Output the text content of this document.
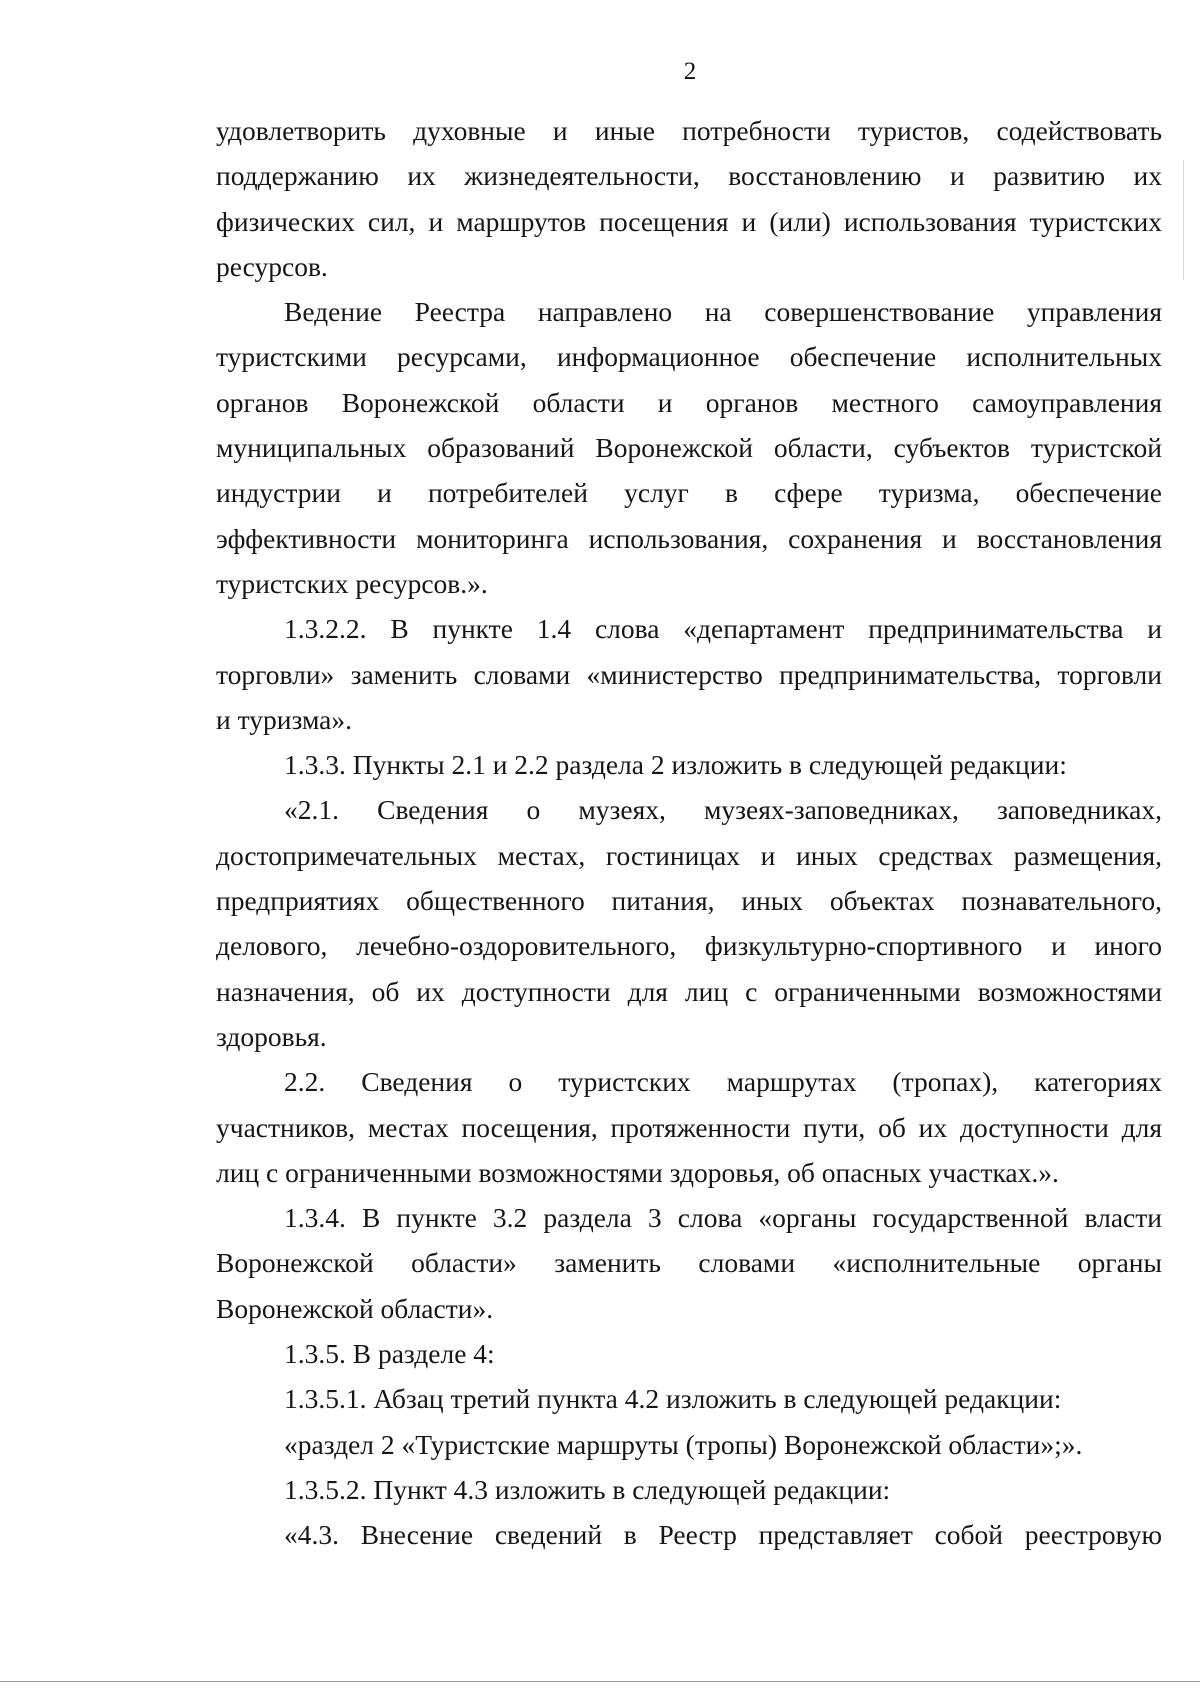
2
удовлетворить духовные и иные потребности туристов, содействовать
поддержанию их жизнедеятельности, восстановлению и развитию их
физических сил, и маршрутов посещения и (или) использования туристских
ресурсов.
Ведение Реестра направлено на совершенствование управления
туристскими ресурсами, информационное обеспечение исполнительных
органов Воронежской области и органов местного самоуправления
муниципальных образований Воронежской области, субъектов туристской
индустрии и потребителей услуг в сфере туризма, обеспечение
эффективности мониторинга использования, сохранения и восстановления
туристских ресурсов.».
1.3.2.2. В пункте 1.4 слова «департамент предпринимательства и
торговли» заменить словами «министерство предпринимательства, торговли
и туризма».
1.3.3. Пункты 2.1 и 2.2 раздела 2 изложить в следующей редакции:
«2.1. Сведения о музеях, музеях-заповедниках, заповедниках,
достопримечательных местах, гостиницах и иных средствах размещения,
предприятиях общественного питания, иных объектах познавательного,
делового, лечебно-оздоровительного, физкультурно-спортивного и иного
назначения, об их доступности для лиц с ограниченными возможностями
здоровья.
2.2. Сведения о туристских маршрутах (тропах), категориях
участников, местах посещения, протяженности пути, об их доступности для
лиц с ограниченными возможностями здоровья, об опасных участках.».
1.3.4. В пункте 3.2 раздела 3 слова «органы государственной власти
Воронежской области» заменить словами «исполнительные органы
Воронежской области».
1.3.5. В разделе 4:
1.3.5.1. Абзац третий пункта 4.2 изложить в следующей редакции:
«раздел 2 «Туристские маршруты (тропы) Воронежской области»;».
1.3.5.2. Пункт 4.3 изложить в следующей редакции:
«4.3. Внесение сведений в Реестр представляет собой реестровую
